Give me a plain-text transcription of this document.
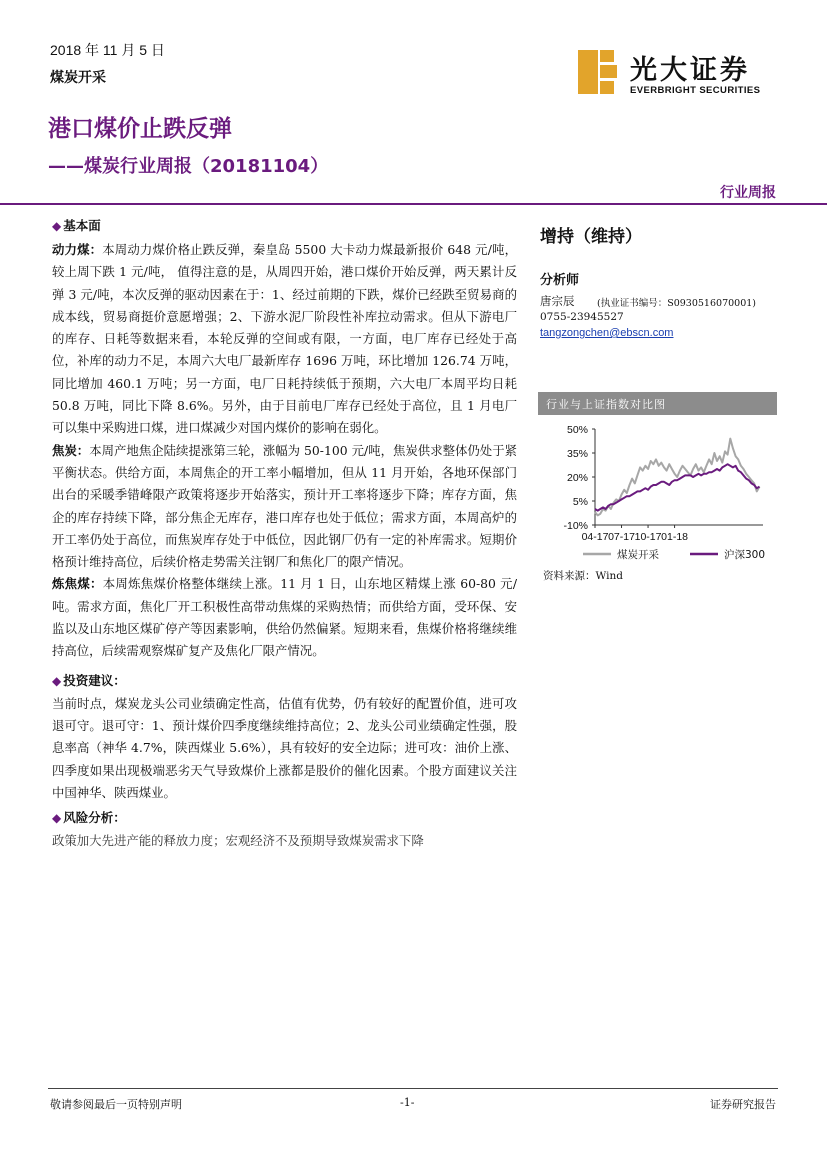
2018 年 11 月 5 日
煤炭开采	光大证券
EVERBRIGHT SECURITIES
港口煤价止跌反弹
——煤炭行业周报（20181104）
行业周报
◆ 基本面

动力煤：本周动力煤价格止跌反弹，秦皇岛 5500 大卡动力煤最新报价 648 元/吨，较上周下跌 1 元/吨， 值得注意的是，从周四开始，港口煤价开始反弹，两天累计反弹 3 元/吨，本次反弹的驱动因素在于：1、经过前期的下跌，煤价已经跌至贸易商的成本线，贸易商挺价意愿增强；2、下游水泥厂阶段性补库拉动需求。但从下游电厂的库存、日耗等数据来看，本轮反弹的空间或有限，一方面，电厂库存已经处于高位，补库的动力不足，本周六大电厂最新库存 1696 万吨，环比增加 126.74 万吨，同比增加 460.1 万吨；另一方面，电厂日耗持续低于预期，六大电厂本周平均日耗 50.8 万吨，同比下降 8.6%。另外，由于目前电厂库存已经处于高位，且 1 月电厂可以集中采购进口煤，进口煤减少对国内煤价的影响在弱化。

焦炭：本周产地焦企陆续提涨第三轮，涨幅为 50-100 元/吨，焦炭供求整体仍处于紧平衡状态。供给方面，本周焦企的开工率小幅增加，但从 11 月开始，各地环保部门出台的采暖季错峰限产政策将逐步开始落实，预计开工率将逐步下降；库存方面，焦企的库存持续下降，部分焦企无库存，港口库存也处于低位；需求方面，本周高炉的开工率仍处于高位，而焦炭库存处于中低位，因此钢厂仍有一定的补库需求。短期价格预计维持高位，后续价格走势需关注钢厂和焦化厂的限产情况。

炼焦煤：本周炼焦煤价格整体继续上涨。11 月 1 日，山东地区精煤上涨 60-80 元/吨。需求方面，焦化厂开工积极性高带动焦煤的采购热情；而供给方面，受环保、安监以及山东地区煤矿停产等因素影响，供给仍然偏紧。短期来看，焦煤价格将继续维持高位，后续需观察煤矿复产及焦化厂限产情况。

◆ 投资建议：

当前时点，煤炭龙头公司业绩确定性高，估值有优势，仍有较好的配置价值，进可攻退可守。退可守：1、预计煤价四季度继续维持高位；2、龙头公司业绩确定性强，股息率高（神华 4.7%，陕西煤业 5.6%），具有较好的安全边际；进可攻：油价上涨、四季度如果出现极端恶劣天气导致煤价上涨都是股价的催化因素。个股方面建议关注中国神华、陕西煤业。

◆ 风险分析：

政策加大先进产能的释放力度；宏观经济不及预期导致煤炭需求下降

增持（维持）
分析师
唐宗辰 (执业证书编号：S0930516070001)
0755-23945527
tangzongchen@ebscn.com
行业与上证指数对比图
50%
35%
20%
5%
-10%
04-17 07-17 10-17 01-18
煤炭开采	沪深300
资料来源：Wind
敬请参阅最后一页特别声明	-1-	证券研究报告
